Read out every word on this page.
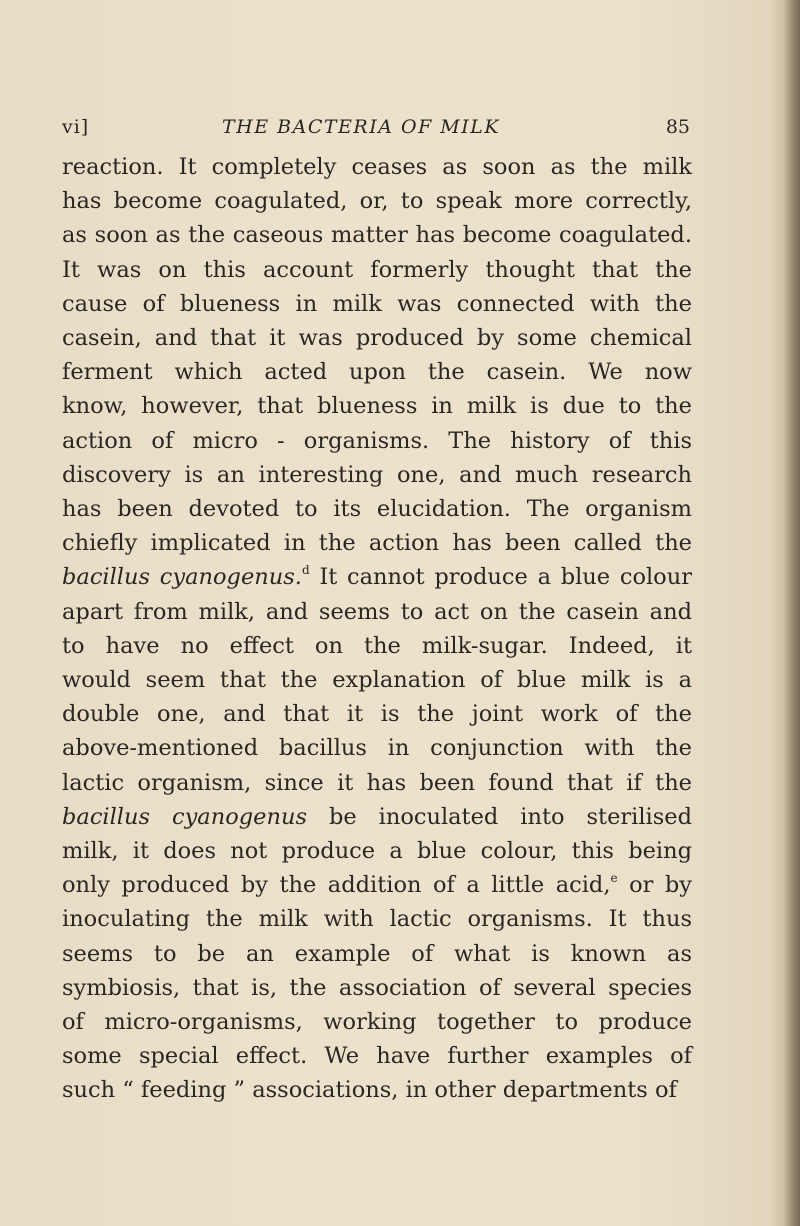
vi]	THE BACTERIA OF MILK	85
reaction. It completely ceases as soon as the milk
has become coagulated, or, to speak more correctly,
as soon as the caseous matter has become coagulated.
It was on this account formerly thought that the
cause of blueness in milk was connected with the
casein, and that it was produced by some chemical
ferment which acted upon the casein. We now
know, however, that blueness in milk is due to the
action of micro - organisms. The history of this
discovery is an interesting one, and much research
has been devoted to its elucidation. The organism
chiefly implicated in the action has been called the
bacillus cyanogenus.$^d$ It cannot produce a blue colour
apart from milk, and seems to act on the casein and
to have no effect on the milk-sugar. Indeed, it
would seem that the explanation of blue milk is a
double one, and that it is the joint work of the
above-mentioned bacillus in conjunction with the
lactic organism, since it has been found that if the
bacillus cyanogenus be inoculated into sterilised
milk, it does not produce a blue colour, this being
only produced by the addition of a little acid,$^e$ or by
inoculating the milk with lactic organisms. It thus
seems to be an example of what is known as
symbiosis, that is, the association of several species
of micro-organisms, working together to produce
some special effect. We have further examples of
such “ feeding ” associations, in other departments of
